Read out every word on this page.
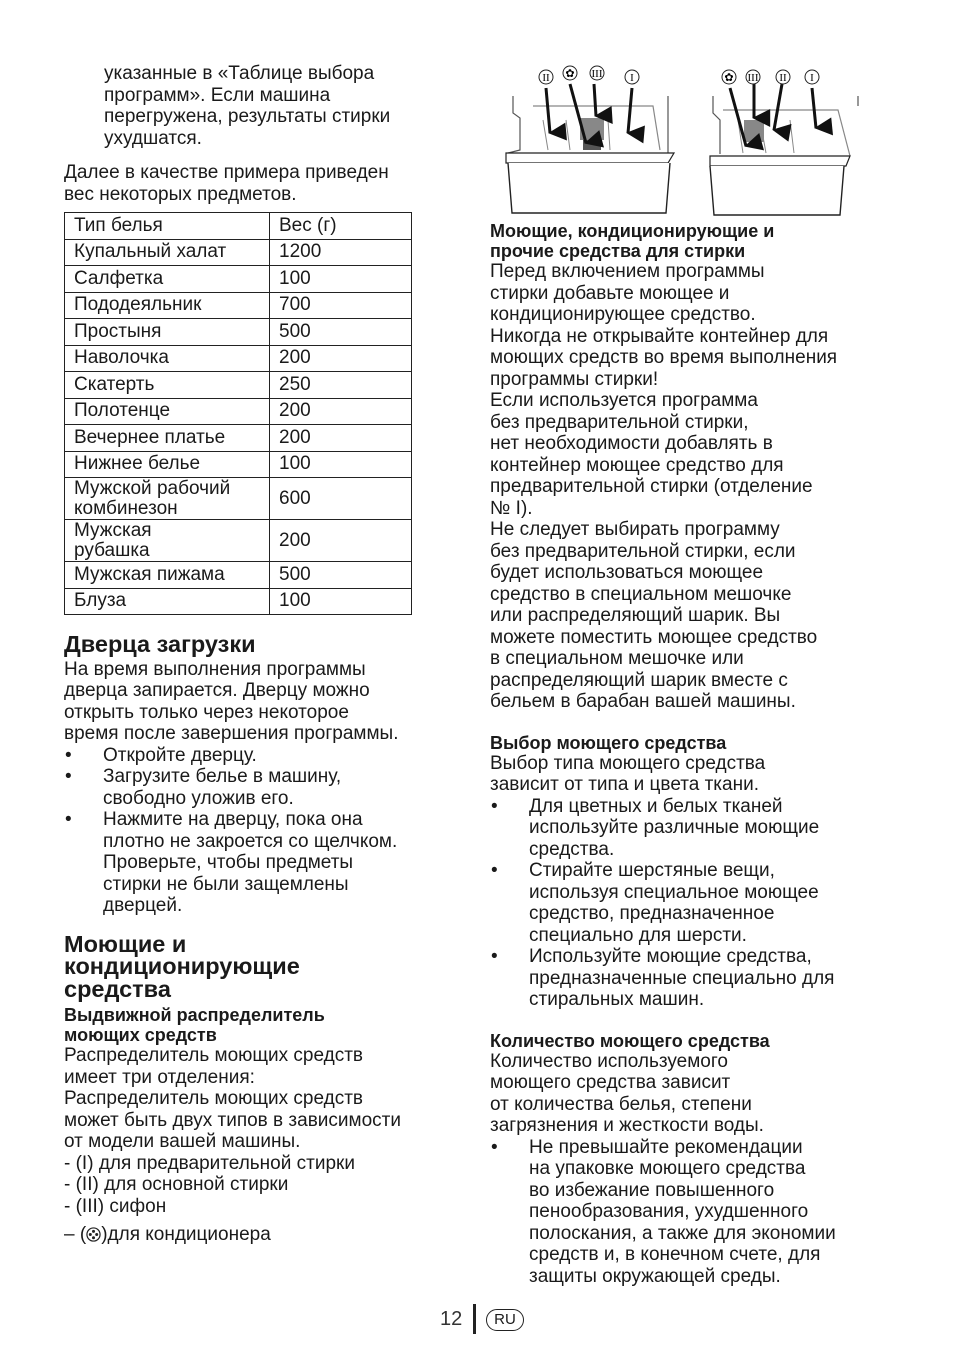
указанные в «Таблице выбора
программ». Если машина
перегружена, результаты стирки
ухудшатся.
Далее в качестве примера приведен
вес некоторых предметов.
Тип белья	Вес (г)

Купальный халат	1200

Салфетка	100

Пододеяльник	700

Простыня	500

Наволочка	200

Скатерть	250

Полотенце	200

Вечернее платье	200

Нижнее белье	100

Мужской рабочий
комбинезон	600

Мужская
рубашка	200

Мужская пижама	500

Блуза	100
Дверца загрузки
На время выполнения программы
дверца запирается. Дверцу можно
открыть только через некоторое
время после завершения программы.
• Откройте дверцу.
• Загрузите белье в машину,
свободно уложив его.
• Нажмите на дверцу, пока она
плотно не закроется со щелчком.
Проверьте, чтобы предметы
стирки не были защемлены
дверцей.
Моющие и
кондиционирующие
средства
Выдвижной распределитель
моющих средств
Распределитель моющих средств
имеет три отделения:
Распределитель моющих средств
может быть двух типов в зависимости
от модели вашей машины.
- (I) для предварительной стирки
- (II) для основной стирки
- (III) сифон
– ( )для кондиционера
II ✿ III	I	✿ III II I
Моющие, кондиционирующие и
прочие средства для стирки
Перед включением программы
стирки добавьте моющее и
кондиционирующее средство.
Никогда не открывайте контейнер для
моющих средств во время выполнения
программы стирки!
Если используется программа
без предварительной стирки,
нет необходимости добавлять в
контейнер моющее средство для
предварительной стирки (отделение
№ I).
Не следует выбирать программу
без предварительной стирки, если
будет использоваться моющее
средство в специальном мешочке
или распределяющий шарик. Вы
можете поместить моющее средство
в специальном мешочке или
распределяющий шарик вместе с
бельем в барабан вашей машины.
Выбор моющего средства
Выбор типа моющего средства
зависит от типа и цвета ткани.
• Для цветных и белых тканей
используйте различные моющие
средства.
• Стирайте шерстяные вещи,
используя специальное моющее
средство, предназначенное
специально для шерсти.
• Используйте моющие средства,
предназначенные специально для
стиральных машин.
Количество моющего средства
Количество используемого
моющего средства зависит
от количества белья, степени
загрязнения и жесткости воды.
• Не превышайте рекомендации
на упаковке моющего средства
во избежание повышенного
пенообразования, ухудшенного
полоскания, а также для экономии
средств и, в конечном счете, для
защиты окружающей среды.
12	RU
